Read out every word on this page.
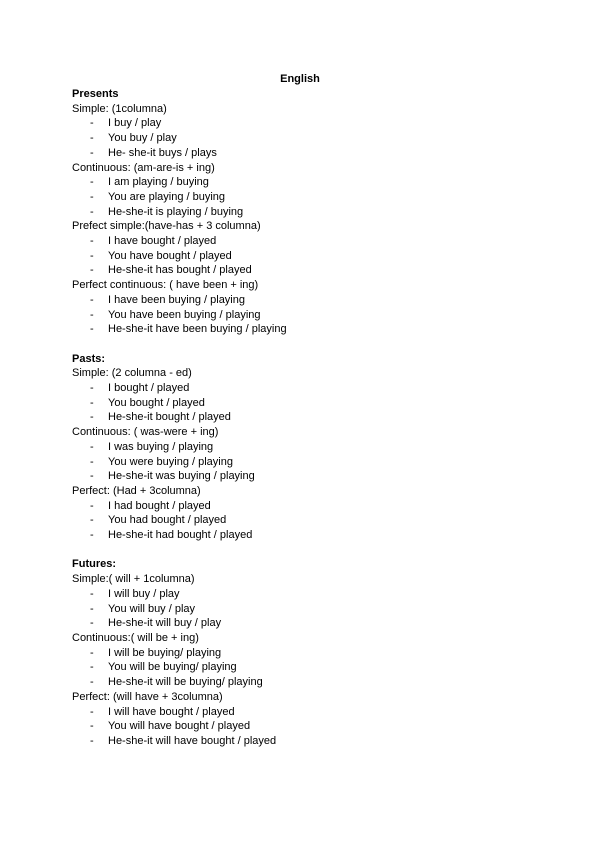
English
Presents
Simple: (1columna)
- I buy / play
- You buy / play
- He- she-it buys / plays
Continuous: (am-are-is + ing)
- I am playing / buying
- You are playing / buying
- He-she-it is playing / buying
Prefect simple:(have-has + 3 columna)
- I have bought / played
- You have bought / played
- He-she-it has bought / played
Perfect continuous: ( have been + ing)
- I have been buying / playing
- You have been buying / playing
- He-she-it have been buying / playing
Pasts:
Simple: (2 columna - ed)
- I bought / played
- You bought / played
- He-she-it bought / played
Continuous: ( was-were + ing)
- I was buying / playing
- You were buying / playing
- He-she-it was buying / playing
Perfect: (Had + 3columna)
- I had bought / played
- You had bought / played
- He-she-it had bought / played
Futures:
Simple:( will + 1columna)
- I will buy / play
- You will buy / play
- He-she-it will buy / play
Continuous:( will be + ing)
- I will be buying/ playing
- You will be buying/ playing
- He-she-it will be buying/ playing
Perfect: (will have + 3columna)
- I will have bought / played
- You will have bought / played
- He-she-it will have bought / played
